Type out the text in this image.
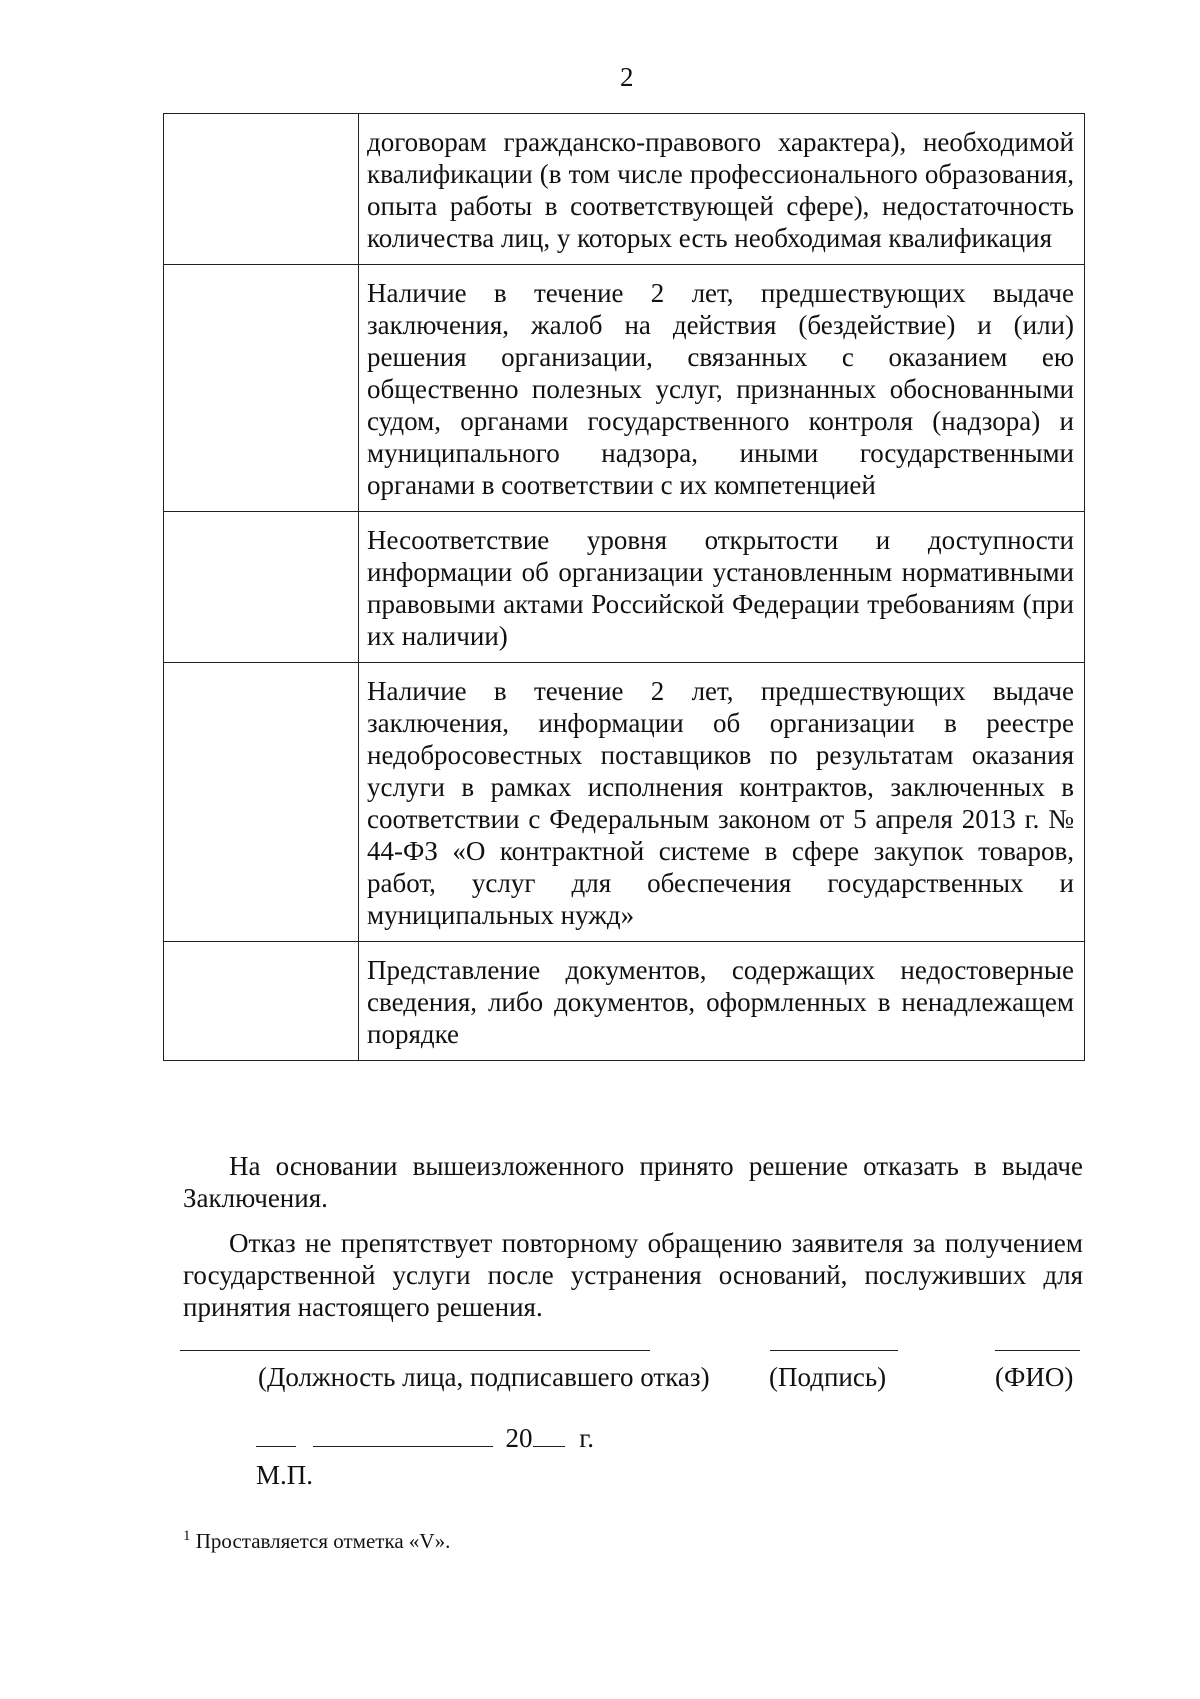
2
	договорам гражданско-правового характера), необходимой квалификации (в том числе профессионального образования, опыта работы в соответствующей сфере), недостаточность количества лиц, у которых есть необходимая квалификация
	Наличие в течение 2 лет, предшествующих выдаче заключения, жалоб на действия (бездействие) и (или) решения организации, связанных с оказанием ею общественно полезных услуг, признанных обоснованными судом, органами государственного контроля (надзора) и муниципального надзора, иными государственными органами в соответствии с их компетенцией
	Несоответствие уровня открытости и доступности информации об организации установленным нормативными правовыми актами Российской Федерации требованиям (при их наличии)
	Наличие в течение 2 лет, предшествующих выдаче заключения, информации об организации в реестре недобросовестных поставщиков по результатам оказания услуги в рамках исполнения контрактов, заключенных в соответствии с Федеральным законом от 5 апреля 2013 г. № 44-ФЗ «О контрактной системе в сфере закупок товаров, работ, услуг для обеспечения государственных и муниципальных нужд»
	Представление документов, содержащих недостоверные сведения, либо документов, оформленных в ненадлежащем порядке
На основании вышеизложенного принято решение отказать в выдаче Заключения.
Отказ не препятствует повторному обращению заявителя за получением государственной услуги после устранения оснований, послуживших для принятия настоящего решения.
(Должность лица, подписавшего отказ) (Подпись)	(ФИО)
20 г.
М.П.
$^1$ Проставляется отметка «V».
